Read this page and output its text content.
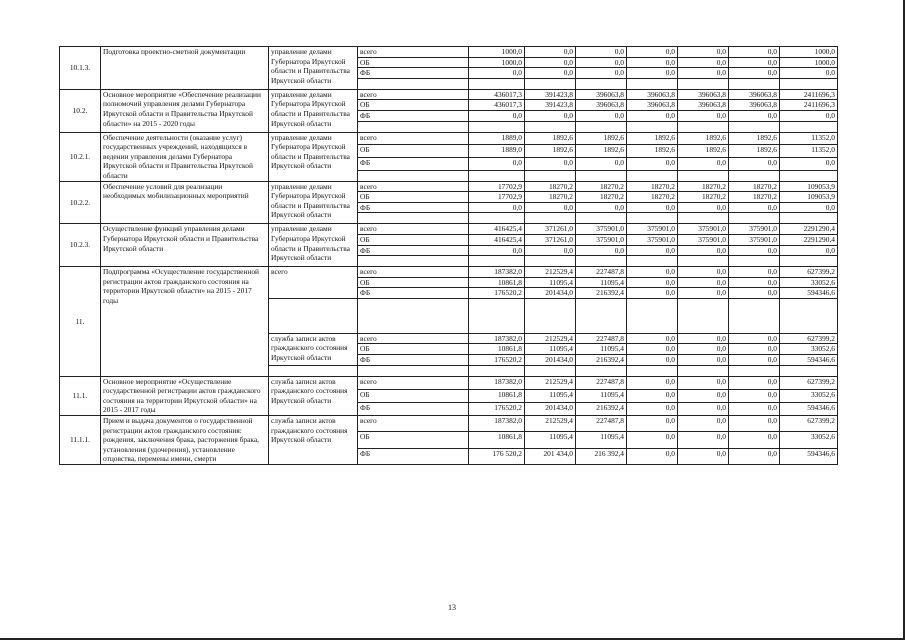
10.1.3.	Подготовка проектно-сметной документации	управление делами Губернатора Иркутской области и Правительства Иркутской области	всего	1000,0	0,0	0,0	0,0	0,0	0,0	1000,0	
			ОБ	1000,0	0,0	0,0	0,0	0,0	0,0	1000,0	
			ФБ	0,0	0,0	0,0	0,0	0,0	0,0	0,0	

10.2.	Основное мероприятие «Обеспечение реализации полномочий управления делами Губернатора Иркутской области и Правительства Иркутской области» на 2015 - 2020 годы	управление делами Губернатора Иркутской области и Правительства Иркутской области	всего	436017,3	391423,8	396063,8	396063,8	396063,8	396063,8	2411696,3	
			ОБ	436017,3	391423,8	396063,8	396063,8	396063,8	396063,8	2411696,3	
			ФБ	0,0	0,0	0,0	0,0	0,0	0,0	0,0	

10.2.1.	Обеспечение деятельности (оказание услуг) государственных учреждений, находящихся в ведении управления делами Губернатора Иркутской области и Правительства Иркутской области	управление делами Губернатора Иркутской области и Правительства Иркутской области	всего	1889,0	1892,6	1892,6	1892,6	1892,6	1892,6	11352,0	
			ОБ	1889,0	1892,6	1892,6	1892,6	1892,6	1892,6	11352,0	
			ФБ	0,0	0,0	0,0	0,0	0,0	0,0	0,0	

10.2.2.	Обеспечение условий для реализации необходимых мобилизационных мероприятий	управление делами Губернатора Иркутской области и Правительства Иркутской области	всего	17702,9	18270,2	18270,2	18270,2	18270,2	18270,2	109053,9	
			ОБ	17702,9	18270,2	18270,2	18270,2	18270,2	18270,2	109053,9	
			ФБ	0,0	0,0	0,0	0,0	0,0	0,0	0,0	

10.2.3.	Осуществление функций управления делами Губернатора Иркутской области и Правительства Иркутской области	управление делами Губернатора Иркутской области и Правительства Иркутской области	всего	416425,4	371261,0	375901,0	375901,0	375901,0	375901,0	2291290,4	
			ОБ	416425,4	371261,0	375901,0	375901,0	375901,0	375901,0	2291290,4	
			ФБ	0,0	0,0	0,0	0,0	0,0	0,0	0,0	

11.	Подпрограмма «Осуществление государственной регистрации актов гражданского состояния на территории Иркутской области» на 2015 - 2017 годы	всего	всего	187382,0	212529,4	227487,8	0,0	0,0	0,0	627399,2	
			ОБ	10861,8	11095,4	11095,4	0,0	0,0	0,0	33052,6	
			ФБ	176520,2	201434,0	216392,4	0,0	0,0	0,0	594346,6	

		служба записи актов гражданского состояния Иркутской области	всего	187382,0	212529,4	227487,8	0,0	0,0	0,0	627399,2	
			ОБ	10861,8	11095,4	11095,4	0,0	0,0	0,0	33052,6	
			ФБ	176520,2	201434,0	216392,4	0,0	0,0	0,0	594346,6	

11.1.	Основное мероприятие «Осуществление государственной регистрации актов гражданского состояния на территории Иркутской области» на 2015 - 2017 годы	служба записи актов гражданского состояния Иркутской области	всего	187382,0	212529,4	227487,8	0,0	0,0	0,0	627399,2	
			ОБ	10861,8	11095,4	11095,4	0,0	0,0	0,0	33052,6	
			ФБ	176520,2	201434,0	216392,4	0,0	0,0	0,0	594346,6	
11.1.1.	Прием и выдача документов о государственной регистрации актов гражданского состояния: рождения, заключения брака, расторжения брака, установления (удочерения), установление отцовства, перемены имени, смерти	служба записи актов гражданского состояния Иркутской области	всего	187382,0	212529,4	227487,8	0,0	0,0	0,0	627399,2	
			ОБ	10861,8	11095,4	11095,4	0,0	0,0	0,0	33052,6	
			ФБ	176 520,2	201 434,0	216 392,4	0,0	0,0	0,0	594346,6	
13
